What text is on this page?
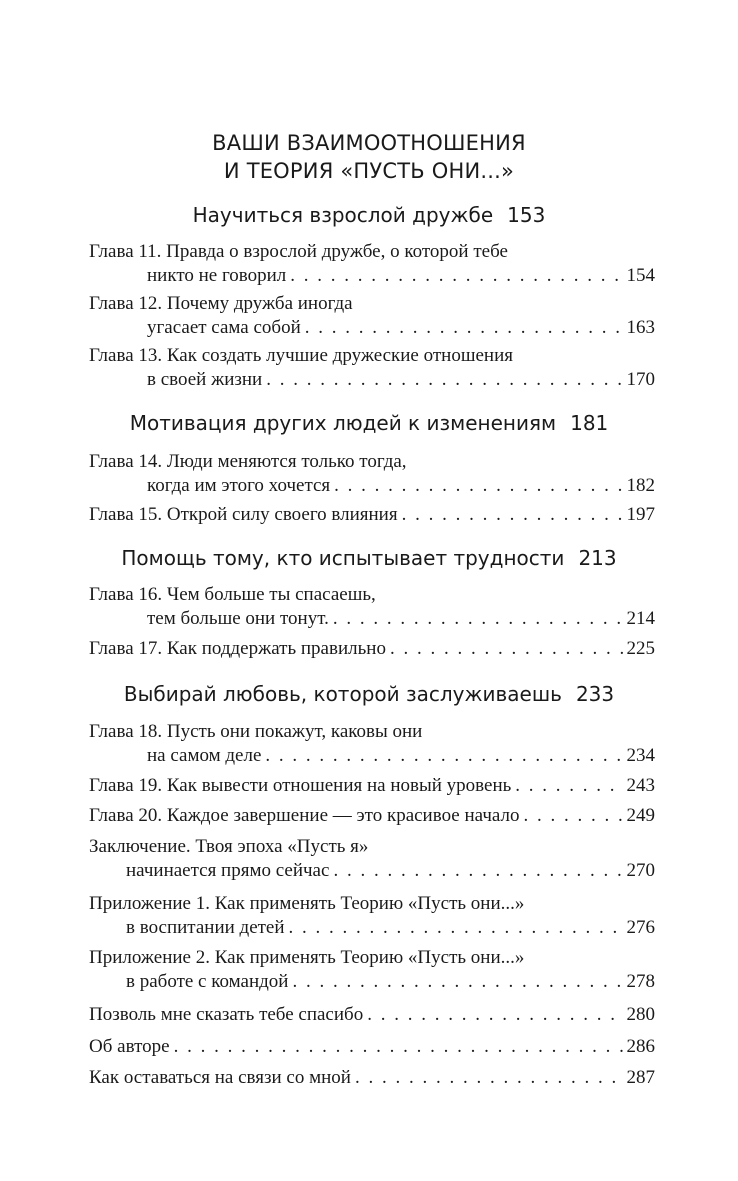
ВАШИ ВЗАИМООТНОШЕНИЯ
И ТЕОРИЯ «ПУСТЬ ОНИ...»
Научиться взрослой дружбе 153
Глава 11. Правда о взрослой дружбе, о которой тебе
никто не говорил . . .	154
Глава 12. Почему дружба иногда
угасает сама собой . . .	163
Глава 13. Как создать лучшие дружеские отношения
в своей жизни . . .	170
Мотивация других людей к изменениям 181
Глава 14. Люди меняются только тогда,
когда им этого хочется . . .	182
Глава 15. Открой силу своего влияния . . .	197
Помощь тому, кто испытывает трудности 213
Глава 16. Чем больше ты спасаешь,
тем больше они тонут. . . .	214
Глава 17. Как поддержать правильно . . .	225
Выбирай любовь, которой заслуживаешь 233
Глава 18. Пусть они покажут, каковы они
на самом деле . . .	234
Глава 19. Как вывести отношения на новый уровень . . .	243
Глава 20. Каждое завершение — это красивое начало . . .	249
Заключение. Твоя эпоха «Пусть я»
начинается прямо сейчас . . .	270
Приложение 1. Как применять Теорию «Пусть они...»
в воспитании детей . . .	276
Приложение 2. Как применять Теорию «Пусть они...»
в работе с командой . . .	278
Позволь мне сказать тебе спасибо . . .	280
Об авторе . . .	286
Как оставаться на связи со мной . . .	287
